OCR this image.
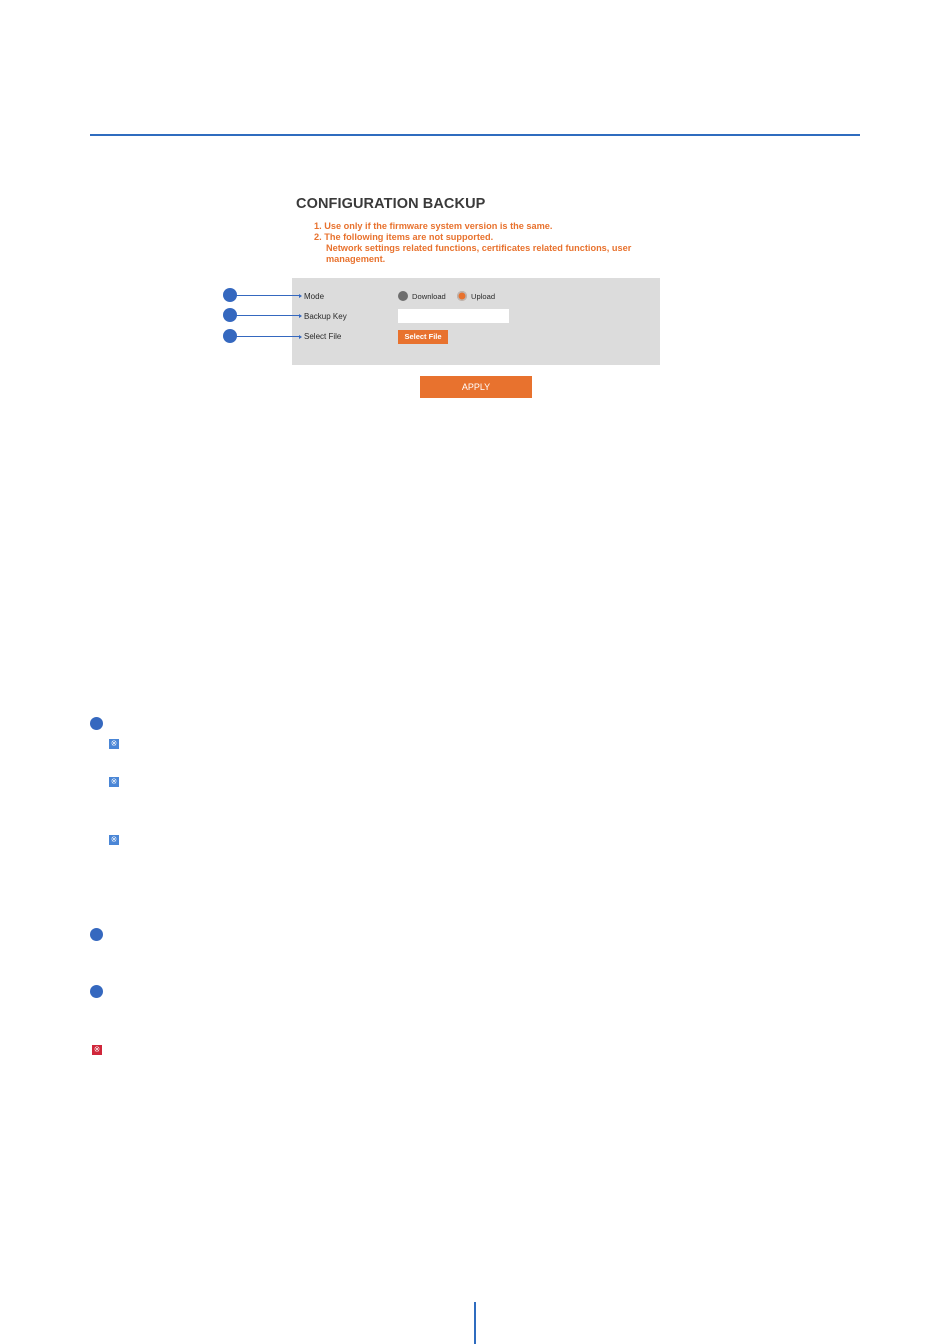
CONFIGURATION BACKUP
1. Use only if the firmware system version is the same.
2. The following items are not supported.
Network settings related functions, certificates related functions, user
management.
Mode	Download	Upload
Backup Key
Select File	Select File
APPLY
※
※
※
※
